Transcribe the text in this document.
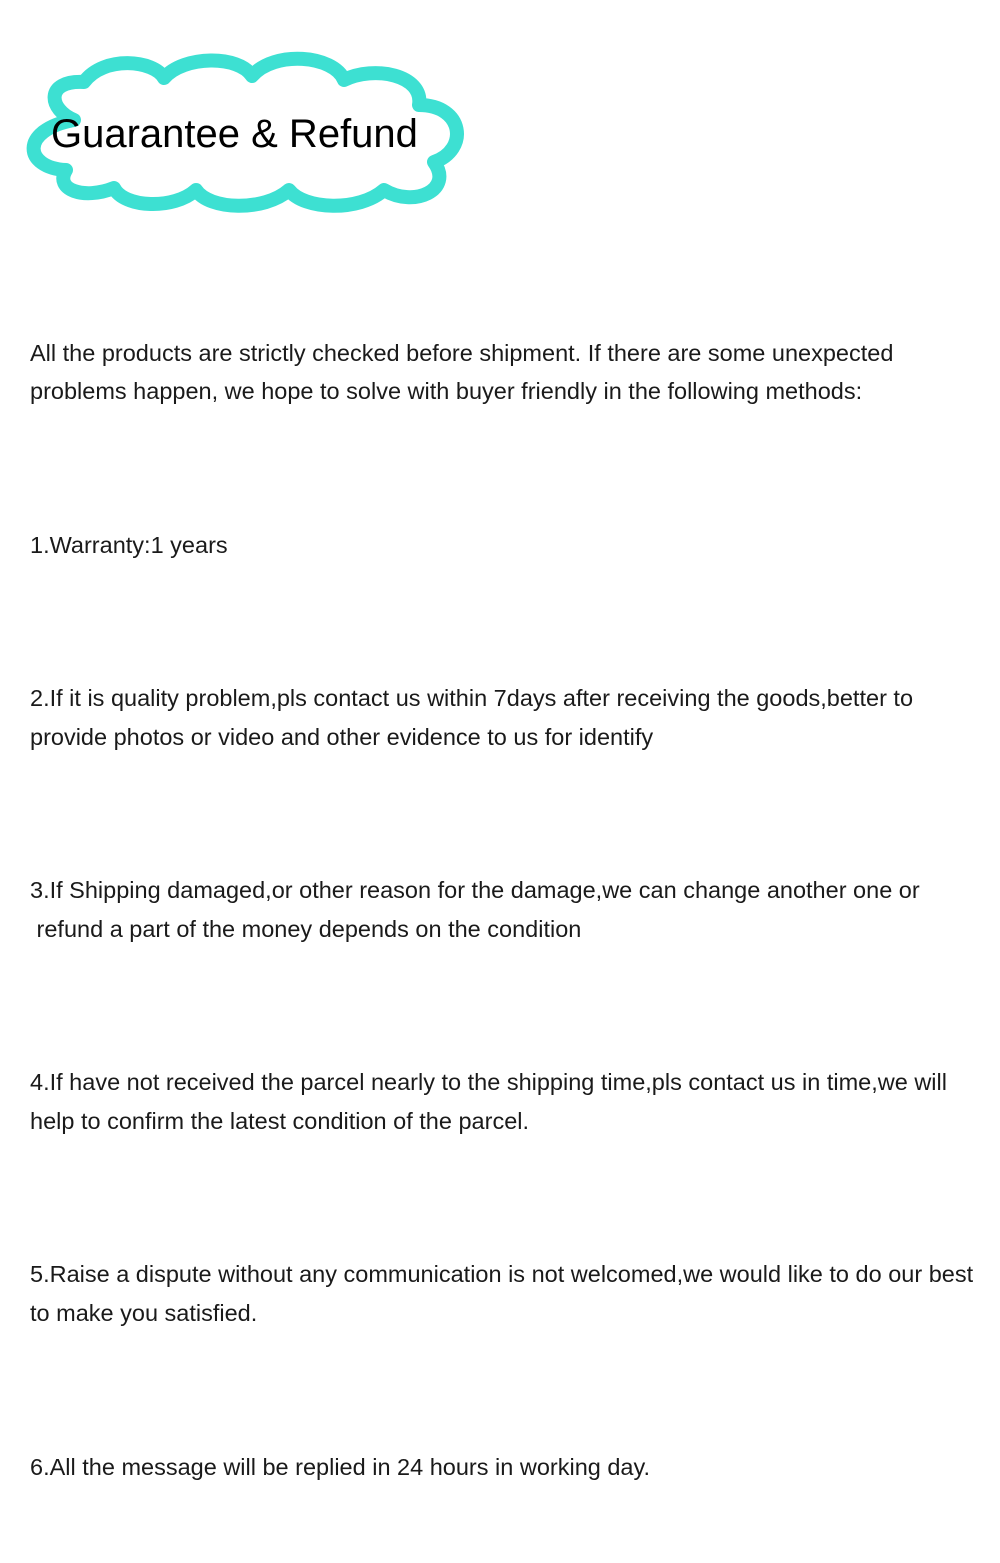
Guarantee & Refund

All the products are strictly checked before shipment. If there are some unexpected problems happen, we hope to solve with buyer friendly in the following methods:

1.Warranty:1 years

2.If it is quality problem,pls contact us within 7days after receiving the goods,better to provide photos or video and other evidence to us for identify

3.If Shipping damaged,or other reason for the damage,we can change another one or
refund a part of the money depends on the condition

4.If have not received the parcel nearly to the shipping time,pls contact us in time,we will help to confirm the latest condition of the parcel.

5.Raise a dispute without any communication is not welcomed,we would like to do our best to make you satisfied.

6.All the message will be replied in 24 hours in working day.
